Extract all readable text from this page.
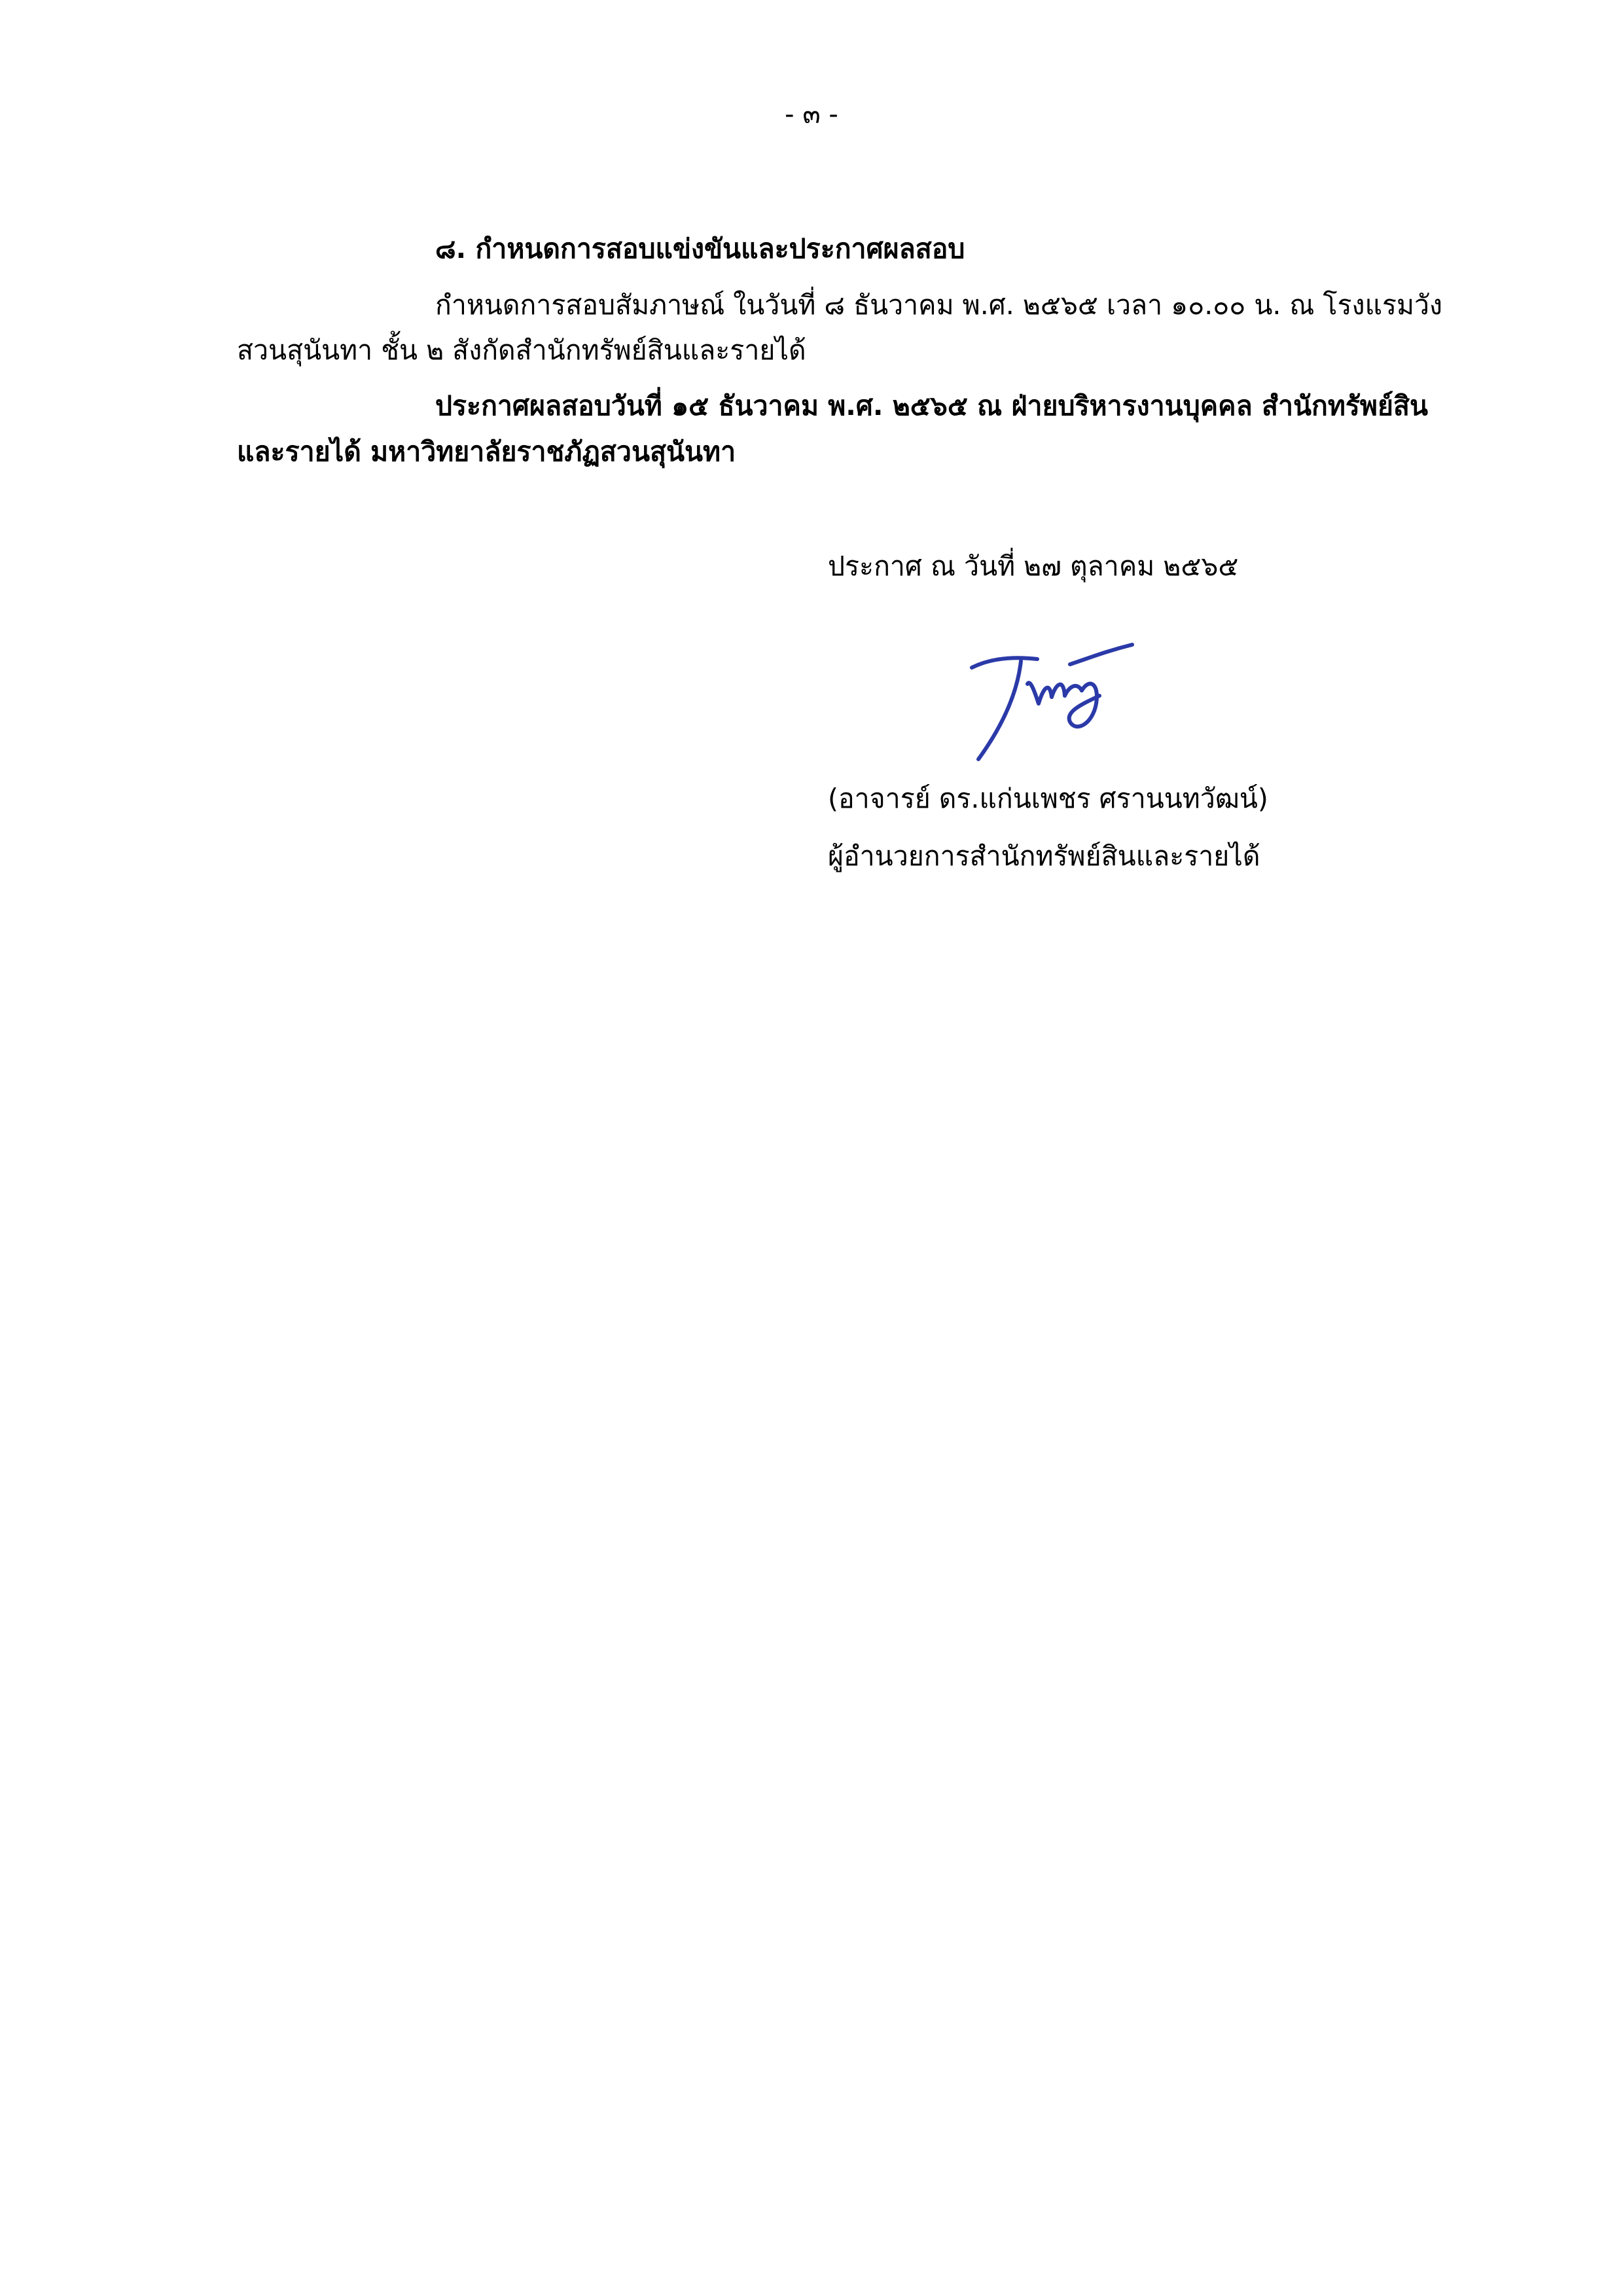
- ๓ -
๘. กำหนดการสอบแข่งขันและประกาศผลสอบ
กำหนดการสอบสัมภาษณ์ ในวันที่ ๘ ธันวาคม พ.ศ. ๒๕๖๕ เวลา ๑๐.๐๐ น. ณ โรงแรมวัง
สวนสุนันทา ชั้น ๒ สังกัดสำนักทรัพย์สินและรายได้
ประกาศผลสอบวันที่ ๑๕ ธันวาคม พ.ศ. ๒๕๖๕ ณ ฝ่ายบริหารงานบุคคล สำนักทรัพย์สิน
และรายได้ มหาวิทยาลัยราชภัฏสวนสุนันทา
ประกาศ ณ วันที่ ๒๗ ตุลาคม ๒๕๖๕
(อาจารย์ ดร.แก่นเพชร ศรานนทวัฒน์)
ผู้อำนวยการสำนักทรัพย์สินและรายได้
